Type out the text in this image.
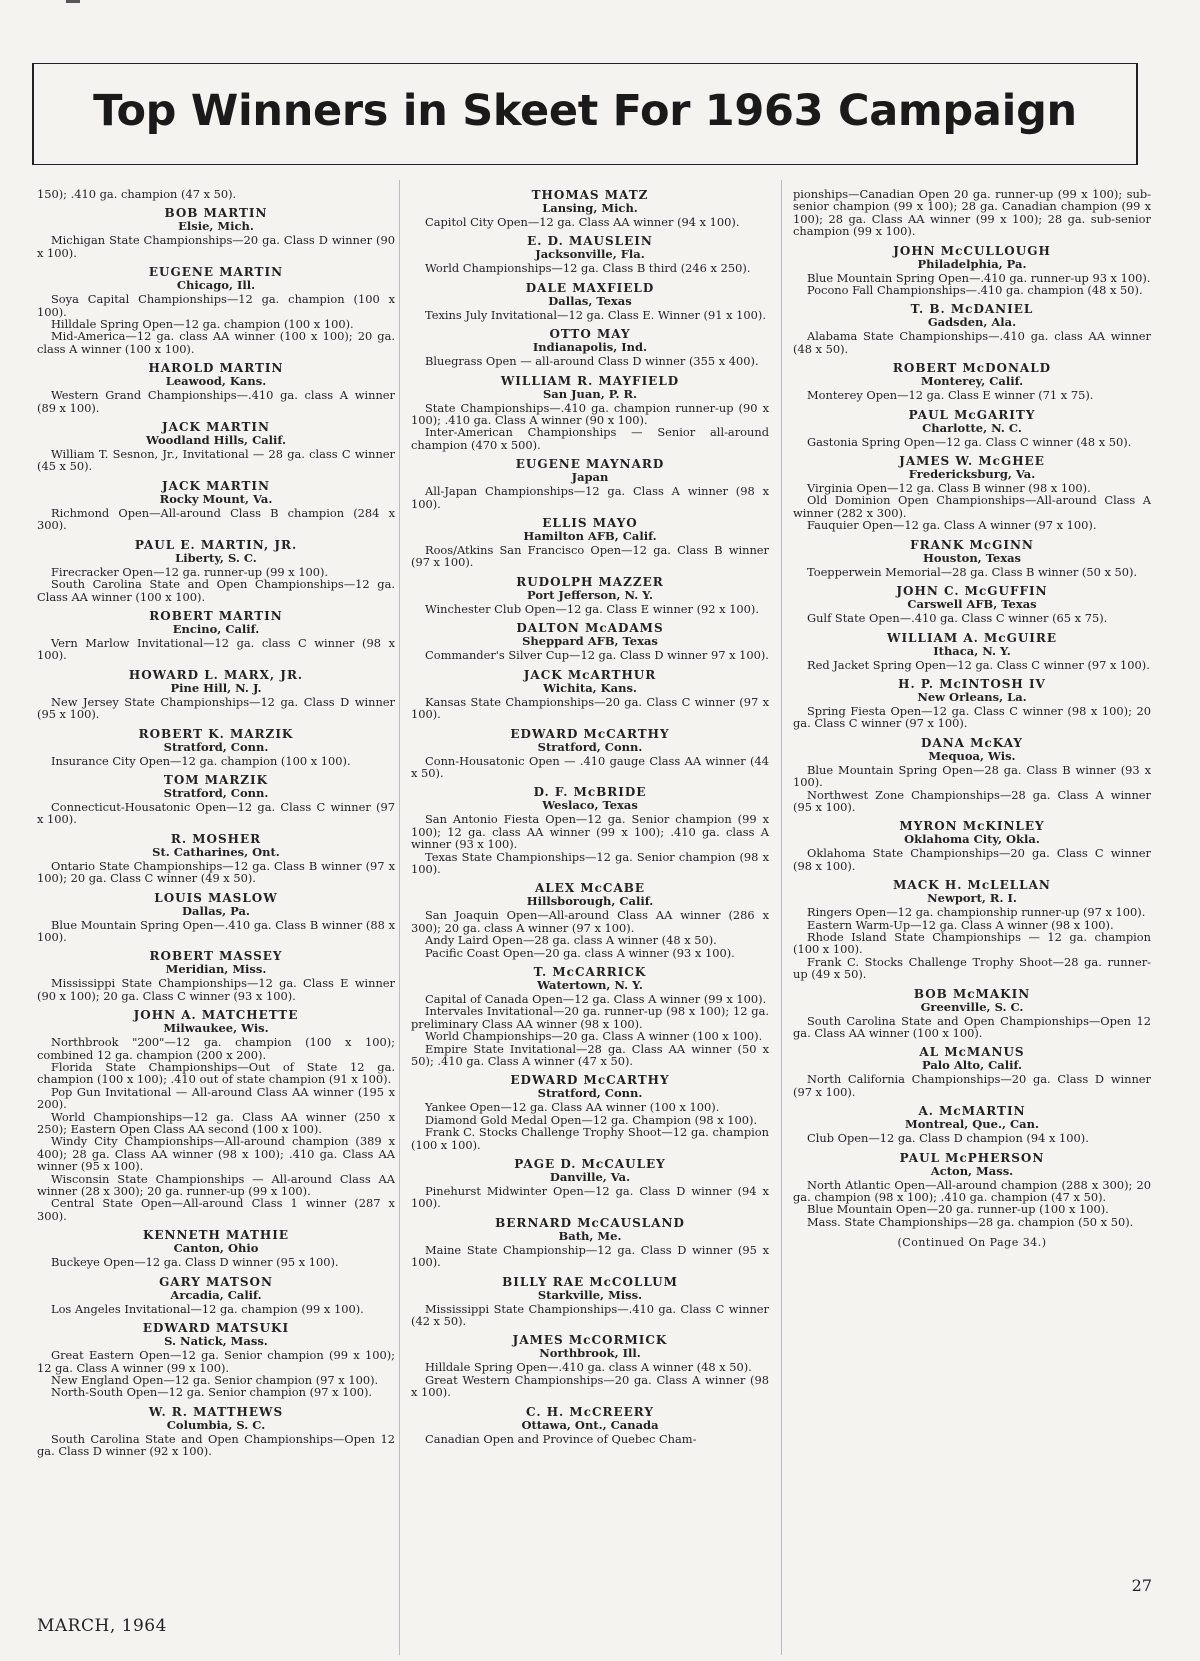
Top Winners in Skeet For 1963 Campaign

150); .410 ga. champion (47 x 50).

BOB MARTIN
Elsie, Mich.

Michigan State Championships—20 ga. Class D winner (90 x 100).

EUGENE MARTIN
Chicago, Ill.

Soya Capital Championships—12 ga. champion (100 x 100).

Hilldale Spring Open—12 ga. champion (100 x 100).

Mid-America—12 ga. class AA winner (100 x 100); 20 ga. class A winner (100 x 100).

HAROLD MARTIN
Leawood, Kans.

Western Grand Championships—.410 ga. class A winner (89 x 100).

JACK MARTIN
Woodland Hills, Calif.

William T. Sesnon, Jr., Invitational — 28 ga. class C winner (45 x 50).

JACK MARTIN
Rocky Mount, Va.

Richmond Open—All-around Class B champion (284 x 300).

PAUL E. MARTIN, JR.
Liberty, S. C.

Firecracker Open—12 ga. runner-up (99 x 100).

South Carolina State and Open Championships—12 ga. Class AA winner (100 x 100).

ROBERT MARTIN
Encino, Calif.

Vern Marlow Invitational—12 ga. class C winner (98 x 100).

HOWARD L. MARX, JR.
Pine Hill, N. J.

New Jersey State Championships—12 ga. Class D winner (95 x 100).

ROBERT K. MARZIK
Stratford, Conn.

Insurance City Open—12 ga. champion (100 x 100).

TOM MARZIK
Stratford, Conn.

Connecticut-Housatonic Open—12 ga. Class C winner (97 x 100).

R. MOSHER
St. Catharines, Ont.

Ontario State Championships—12 ga. Class B winner (97 x 100); 20 ga. Class C winner (49 x 50).

LOUIS MASLOW
Dallas, Pa.

Blue Mountain Spring Open—.410 ga. Class B winner (88 x 100).

ROBERT MASSEY
Meridian, Miss.

Mississippi State Championships—12 ga. Class E winner (90 x 100); 20 ga. Class C winner (93 x 100).

JOHN A. MATCHETTE
Milwaukee, Wis.

Northbrook "200"—12 ga. champion (100 x 100); combined 12 ga. champion (200 x 200).

Florida State Championships—Out of State 12 ga. champion (100 x 100); .410 out of state champion (91 x 100).

Pop Gun Invitational — All-around Class AA winner (195 x 200).

World Championships—12 ga. Class AA winner (250 x 250); Eastern Open Class AA second (100 x 100).

Windy City Championships—All-around champion (389 x 400); 28 ga. Class AA winner (98 x 100); .410 ga. Class AA winner (95 x 100).

Wisconsin State Championships — All-around Class AA winner (28 x 300); 20 ga. runner-up (99 x 100).

Central State Open—All-around Class 1 winner (287 x 300).

KENNETH MATHIE
Canton, Ohio

Buckeye Open—12 ga. Class D winner (95 x 100).

GARY MATSON
Arcadia, Calif.

Los Angeles Invitational—12 ga. champion (99 x 100).

EDWARD MATSUKI
S. Natick, Mass.

Great Eastern Open—12 ga. Senior champion (99 x 100); 12 ga. Class A winner (99 x 100).

New England Open—12 ga. Senior champion (97 x 100).

North-South Open—12 ga. Senior champion (97 x 100).

W. R. MATTHEWS
Columbia, S. C.

South Carolina State and Open Championships—Open 12 ga. Class D winner (92 x 100).

THOMAS MATZ
Lansing, Mich.

Capitol City Open—12 ga. Class AA winner (94 x 100).

E. D. MAUSLEIN
Jacksonville, Fla.

World Championships—12 ga. Class B third (246 x 250).

DALE MAXFIELD
Dallas, Texas

Texins July Invitational—12 ga. Class E. Winner (91 x 100).

OTTO MAY
Indianapolis, Ind.

Bluegrass Open — all-around Class D winner (355 x 400).

WILLIAM R. MAYFIELD
San Juan, P. R.

State Championships—.410 ga. champion runner-up (90 x 100); .410 ga. Class A winner (90 x 100).

Inter-American Championships — Senior all-around champion (470 x 500).

EUGENE MAYNARD
Japan

All-Japan Championships—12 ga. Class A winner (98 x 100).

ELLIS MAYO
Hamilton AFB, Calif.

Roos/Atkins San Francisco Open—12 ga. Class B winner (97 x 100).

RUDOLPH MAZZER
Port Jefferson, N. Y.

Winchester Club Open—12 ga. Class E winner (92 x 100).

DALTON McADAMS
Sheppard AFB, Texas

Commander's Silver Cup—12 ga. Class D winner 97 x 100).

JACK McARTHUR
Wichita, Kans.

Kansas State Championships—20 ga. Class C winner (97 x 100).

EDWARD McCARTHY
Stratford, Conn.

Conn-Housatonic Open — .410 gauge Class AA winner (44 x 50).

D. F. McBRIDE
Weslaco, Texas

San Antonio Fiesta Open—12 ga. Senior champion (99 x 100); 12 ga. class AA winner (99 x 100); .410 ga. class A winner (93 x 100).

Texas State Championships—12 ga. Senior champion (98 x 100).

ALEX McCABE
Hillsborough, Calif.

San Joaquin Open—All-around Class AA winner (286 x 300); 20 ga. class A winner (97 x 100).

Andy Laird Open—28 ga. class A winner (48 x 50).

Pacific Coast Open—20 ga. class A winner (93 x 100).

T. McCARRICK
Watertown, N. Y.

Capital of Canada Open—12 ga. Class A winner (99 x 100).

Intervales Invitational—20 ga. runner-up (98 x 100); 12 ga. preliminary Class AA winner (98 x 100).

World Championships—20 ga. Class A winner (100 x 100).

Empire State Invitational—28 ga. Class AA winner (50 x 50); .410 ga. Class A winner (47 x 50).

EDWARD McCARTHY
Stratford, Conn.

Yankee Open—12 ga. Class AA winner (100 x 100).

Diamond Gold Medal Open—12 ga. Champion (98 x 100).

Frank C. Stocks Challenge Trophy Shoot—12 ga. champion (100 x 100).

PAGE D. McCAULEY
Danville, Va.

Pinehurst Midwinter Open—12 ga. Class D winner (94 x 100).

BERNARD McCAUSLAND
Bath, Me.

Maine State Championship—12 ga. Class D winner (95 x 100).

BILLY RAE McCOLLUM
Starkville, Miss.

Mississippi State Championships—.410 ga. Class C winner (42 x 50).

JAMES McCORMICK
Northbrook, Ill.

Hilldale Spring Open—.410 ga. class A winner (48 x 50).

Great Western Championships—20 ga. Class A winner (98 x 100).

C. H. McCREERY
Ottawa, Ont., Canada

Canadian Open and Province of Quebec Cham-

pionships—Canadian Open 20 ga. runner-up (99 x 100); sub-senior champion (99 x 100); 28 ga. Canadian champion (99 x 100); 28 ga. Class AA winner (99 x 100); 28 ga. sub-senior champion (99 x 100).

JOHN McCULLOUGH
Philadelphia, Pa.

Blue Mountain Spring Open—.410 ga. runner-up 93 x 100).

Pocono Fall Championships—.410 ga. champion (48 x 50).

T. B. McDANIEL
Gadsden, Ala.

Alabama State Championships—.410 ga. class AA winner (48 x 50).

ROBERT McDONALD
Monterey, Calif.

Monterey Open—12 ga. Class E winner (71 x 75).

PAUL McGARITY
Charlotte, N. C.

Gastonia Spring Open—12 ga. Class C winner (48 x 50).

JAMES W. McGHEE
Fredericksburg, Va.

Virginia Open—12 ga. Class B winner (98 x 100).

Old Dominion Open Championships—All-around Class A winner (282 x 300).

Fauquier Open—12 ga. Class A winner (97 x 100).

FRANK McGINN
Houston, Texas

Toepperwein Memorial—28 ga. Class B winner (50 x 50).

JOHN C. McGUFFIN
Carswell AFB, Texas

Gulf State Open—.410 ga. Class C winner (65 x 75).

WILLIAM A. McGUIRE
Ithaca, N. Y.

Red Jacket Spring Open—12 ga. Class C winner (97 x 100).

H. P. McINTOSH IV
New Orleans, La.

Spring Fiesta Open—12 ga. Class C winner (98 x 100); 20 ga. Class C winner (97 x 100).

DANA McKAY
Mequoa, Wis.

Blue Mountain Spring Open—28 ga. Class B winner (93 x 100).

Northwest Zone Championships—28 ga. Class A winner (95 x 100).

MYRON McKINLEY
Oklahoma City, Okla.

Oklahoma State Championships—20 ga. Class C winner (98 x 100).

MACK H. McLELLAN
Newport, R. I.

Ringers Open—12 ga. championship runner-up (97 x 100).

Eastern Warm-Up—12 ga. Class A winner (98 x 100).

Rhode Island State Championships — 12 ga. champion (100 x 100).

Frank C. Stocks Challenge Trophy Shoot—28 ga. runner-up (49 x 50).

BOB McMAKIN
Greenville, S. C.

South Carolina State and Open Championships—Open 12 ga. Class AA winner (100 x 100).

AL McMANUS
Palo Alto, Calif.

North California Championships—20 ga. Class D winner (97 x 100).

A. McMARTIN
Montreal, Que., Can.

Club Open—12 ga. Class D champion (94 x 100).

PAUL McPHERSON
Acton, Mass.

North Atlantic Open—All-around champion (288 x 300); 20 ga. champion (98 x 100); .410 ga. champion (47 x 50).

Blue Mountain Open—20 ga. runner-up (100 x 100).

Mass. State Championships—28 ga. champion (50 x 50).

(Continued On Page 34.)
MARCH, 1964
27
